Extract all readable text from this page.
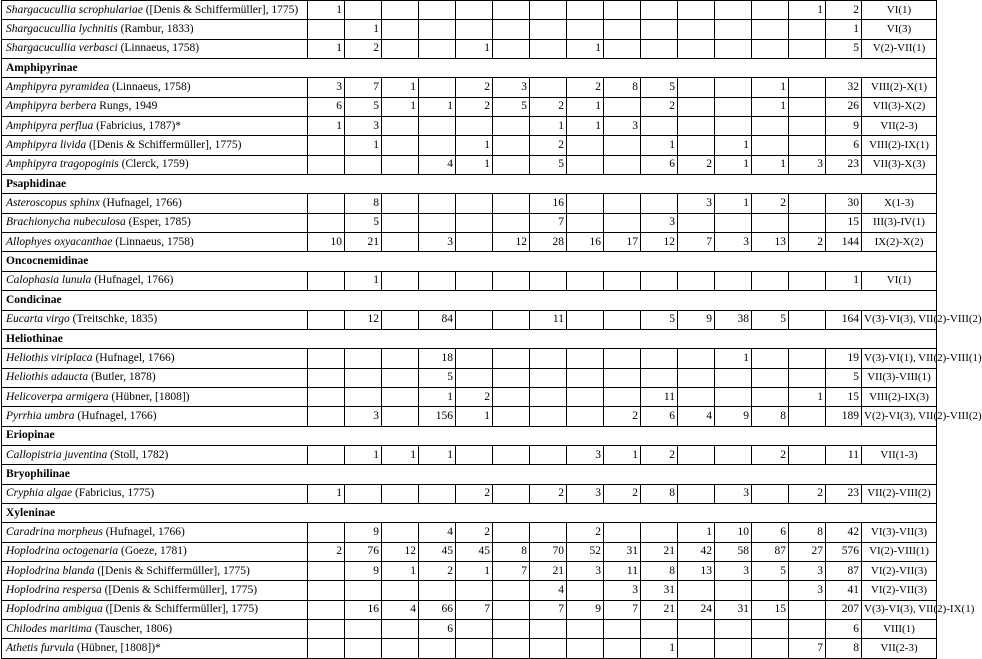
Shargacucullia scrophulariae ([Denis & Schiffermüller], 1775)	1													1	2	VI(1)
Shargacucullia lychnitis (Rambur, 1833)		1													1	VI(3)
Shargacucullia verbasci (Linnaeus, 1758)	1	2			1			1							5	V(2)-VII(1)
Amphipyrinae																
Amphipyra pyramidea (Linnaeus, 1758)	3	7	1		2	3		2	8	5			1		32	VIII(2)-X(1)
Amphipyra berbera Rungs, 1949	6	5	1	1	2	5	2	1		2			1		26	VII(3)-X(2)
Amphipyra perflua (Fabricius, 1787)*	1	3					1	1	3						9	VII(2-3)
Amphipyra livida ([Denis & Schiffermüller], 1775)		1			1		2			1		1			6	VIII(2)-IX(1)
Amphipyra tragopoginis (Clerck, 1759)				4	1		5			6	2	1	1	3	23	VII(3)-X(3)
Psaphidinae																
Asteroscopus sphinx (Hufnagel, 1766)		8					16				3	1	2		30	X(1-3)
Brachionycha nubeculosa (Esper, 1785)		5					7			3					15	III(3)-IV(1)
Allophyes oxyacanthae (Linnaeus, 1758)	10	21		3		12	28	16	17	12	7	3	13	2	144	IX(2)-X(2)
Oncocnemidinae																
Calophasia lunula (Hufnagel, 1766)		1													1	VI(1)
Condicinae																
Eucarta virgo (Treitschke, 1835)		12		84			11			5	9	38	5		164	V(3)-VI(3), VII(2)-VIII(2)
Heliothinae																
Heliothis viriplaca (Hufnagel, 1766)				18								1			19	V(3)-VI(1), VII(2)-VIII(1)
Heliothis adaucta (Butler, 1878)				5											5	VII(3)-VIII(1)
Helicoverpa armigera (Hübner, [1808])				1	2					11				1	15	VIII(2)-IX(3)
Pyrrhia umbra (Hufnagel, 1766)		3		156	1				2	6	4	9	8		189	V(2)-VI(3), VII(2)-VIII(2)
Eriopinae																
Callopistria juventina (Stoll, 1782)		1	1	1				3	1	2			2		11	VII(1-3)
Bryophilinae																
Cryphia algae (Fabricius, 1775)	1				2		2	3	2	8		3		2	23	VII(2)-VIII(2)
Xyleninae																
Caradrina morpheus (Hufnagel, 1766)		9		4	2			2			1	10	6	8	42	VI(3)-VII(3)
Hoplodrina octogenaria (Goeze, 1781)	2	76	12	45	45	8	70	52	31	21	42	58	87	27	576	VI(2)-VIII(1)
Hoplodrina blanda ([Denis & Schiffermüller], 1775)		9	1	2	1	7	21	3	11	8	13	3	5	3	87	VI(2)-VII(3)
Hoplodrina respersa ([Denis & Schiffermüller], 1775)							4		3	31				3	41	VI(2)-VII(3)
Hoplodrina ambigua ([Denis & Schiffermüller], 1775)		16	4	66	7		7	9	7	21	24	31	15		207	V(3)-VI(3), VII(2)-IX(1)
Chilodes maritima (Tauscher, 1806)				6											6	VIII(1)
Athetis furvula (Hübner, [1808])*										1				7	8	VII(2-3)
